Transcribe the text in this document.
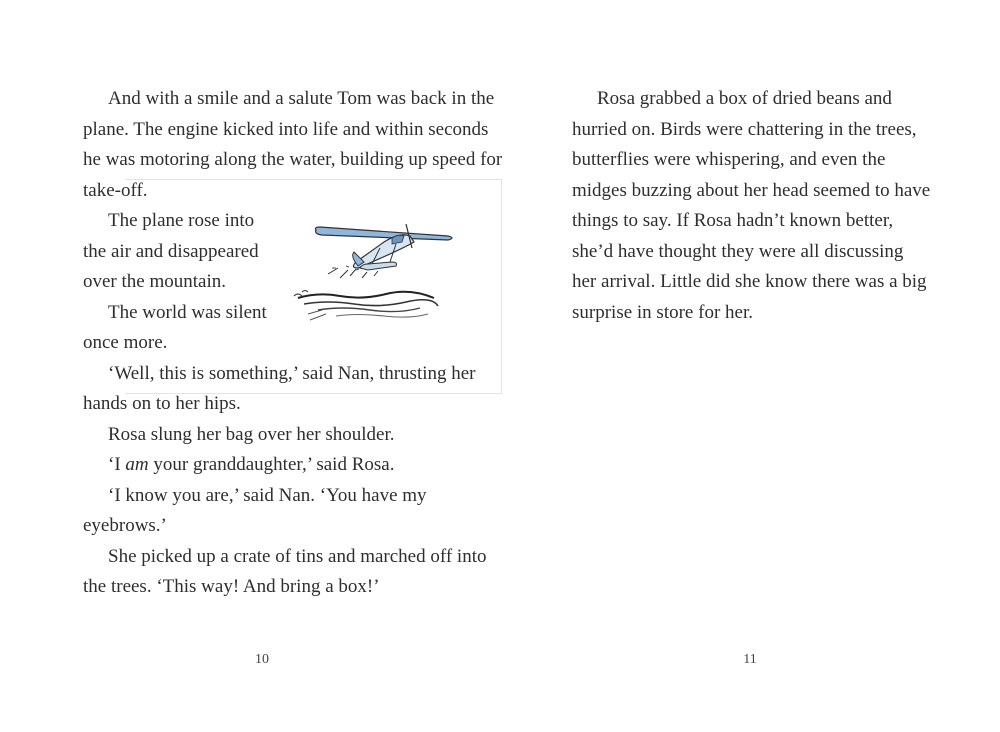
And with a smile and a salute Tom was back in the plane. The engine kicked into life and within seconds he was motoring along the water, building up speed for take-off.

The plane rose into the air and disappeared over the mountain.

The world was silent once more.

‘Well, this is something,’ said Nan, thrusting her hands on to her hips.

Rosa slung her bag over her shoulder.

‘I am your granddaughter,’ said Rosa.

‘I know you are,’ said Nan. ‘You have my eyebrows.’

She picked up a crate of tins and marched off into the trees. ‘This way! And bring a box!’

Rosa grabbed a box of dried beans and hurried on. Birds were chattering in the trees, butterflies were whispering, and even the midges buzzing about her head seemed to have things to say. If Rosa hadn’t known better, she’d have thought they were all discussing her arrival. Little did she know there was a big surprise in store for her.

10	11
